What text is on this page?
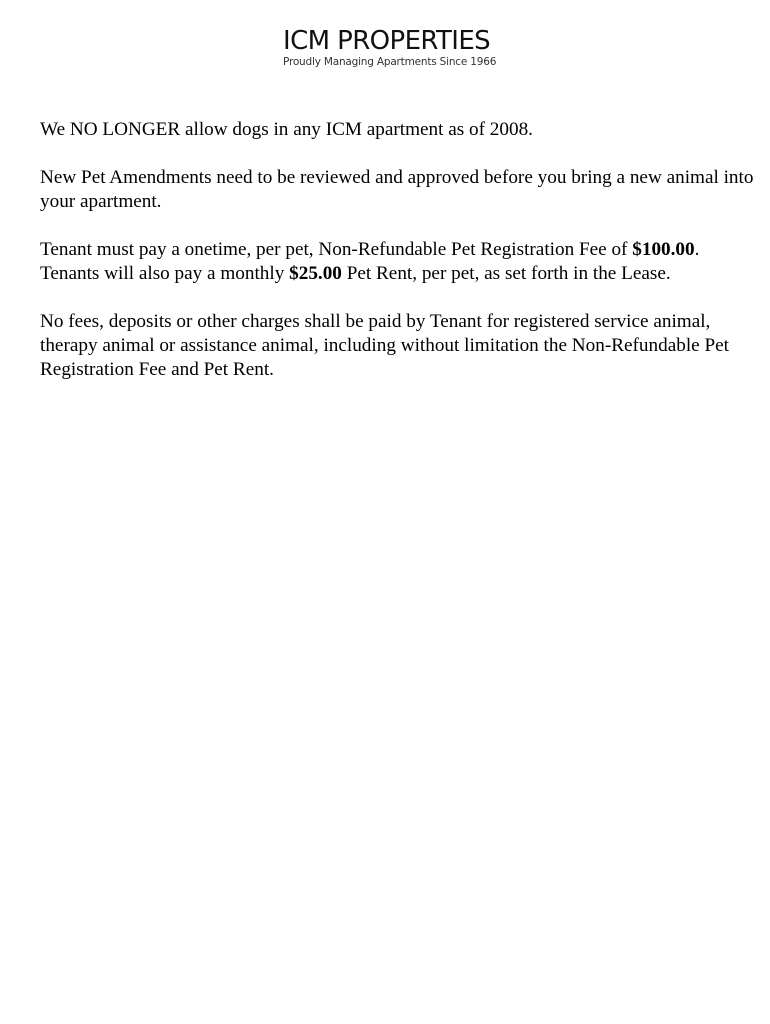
ICM PROPERTIES
Proudly Managing Apartments Since 1966

We NO LONGER allow dogs in any ICM apartment as of 2008.

New Pet Amendments need to be reviewed and approved before you bring a new animal into your apartment.

Tenant must pay a onetime, per pet, Non-Refundable Pet Registration Fee of $100.00.
Tenants will also pay a monthly $25.00 Pet Rent, per pet, as set forth in the Lease.

No fees, deposits or other charges shall be paid by Tenant for registered service animal, therapy animal or assistance animal, including without limitation the Non-Refundable Pet Registration Fee and Pet Rent.
